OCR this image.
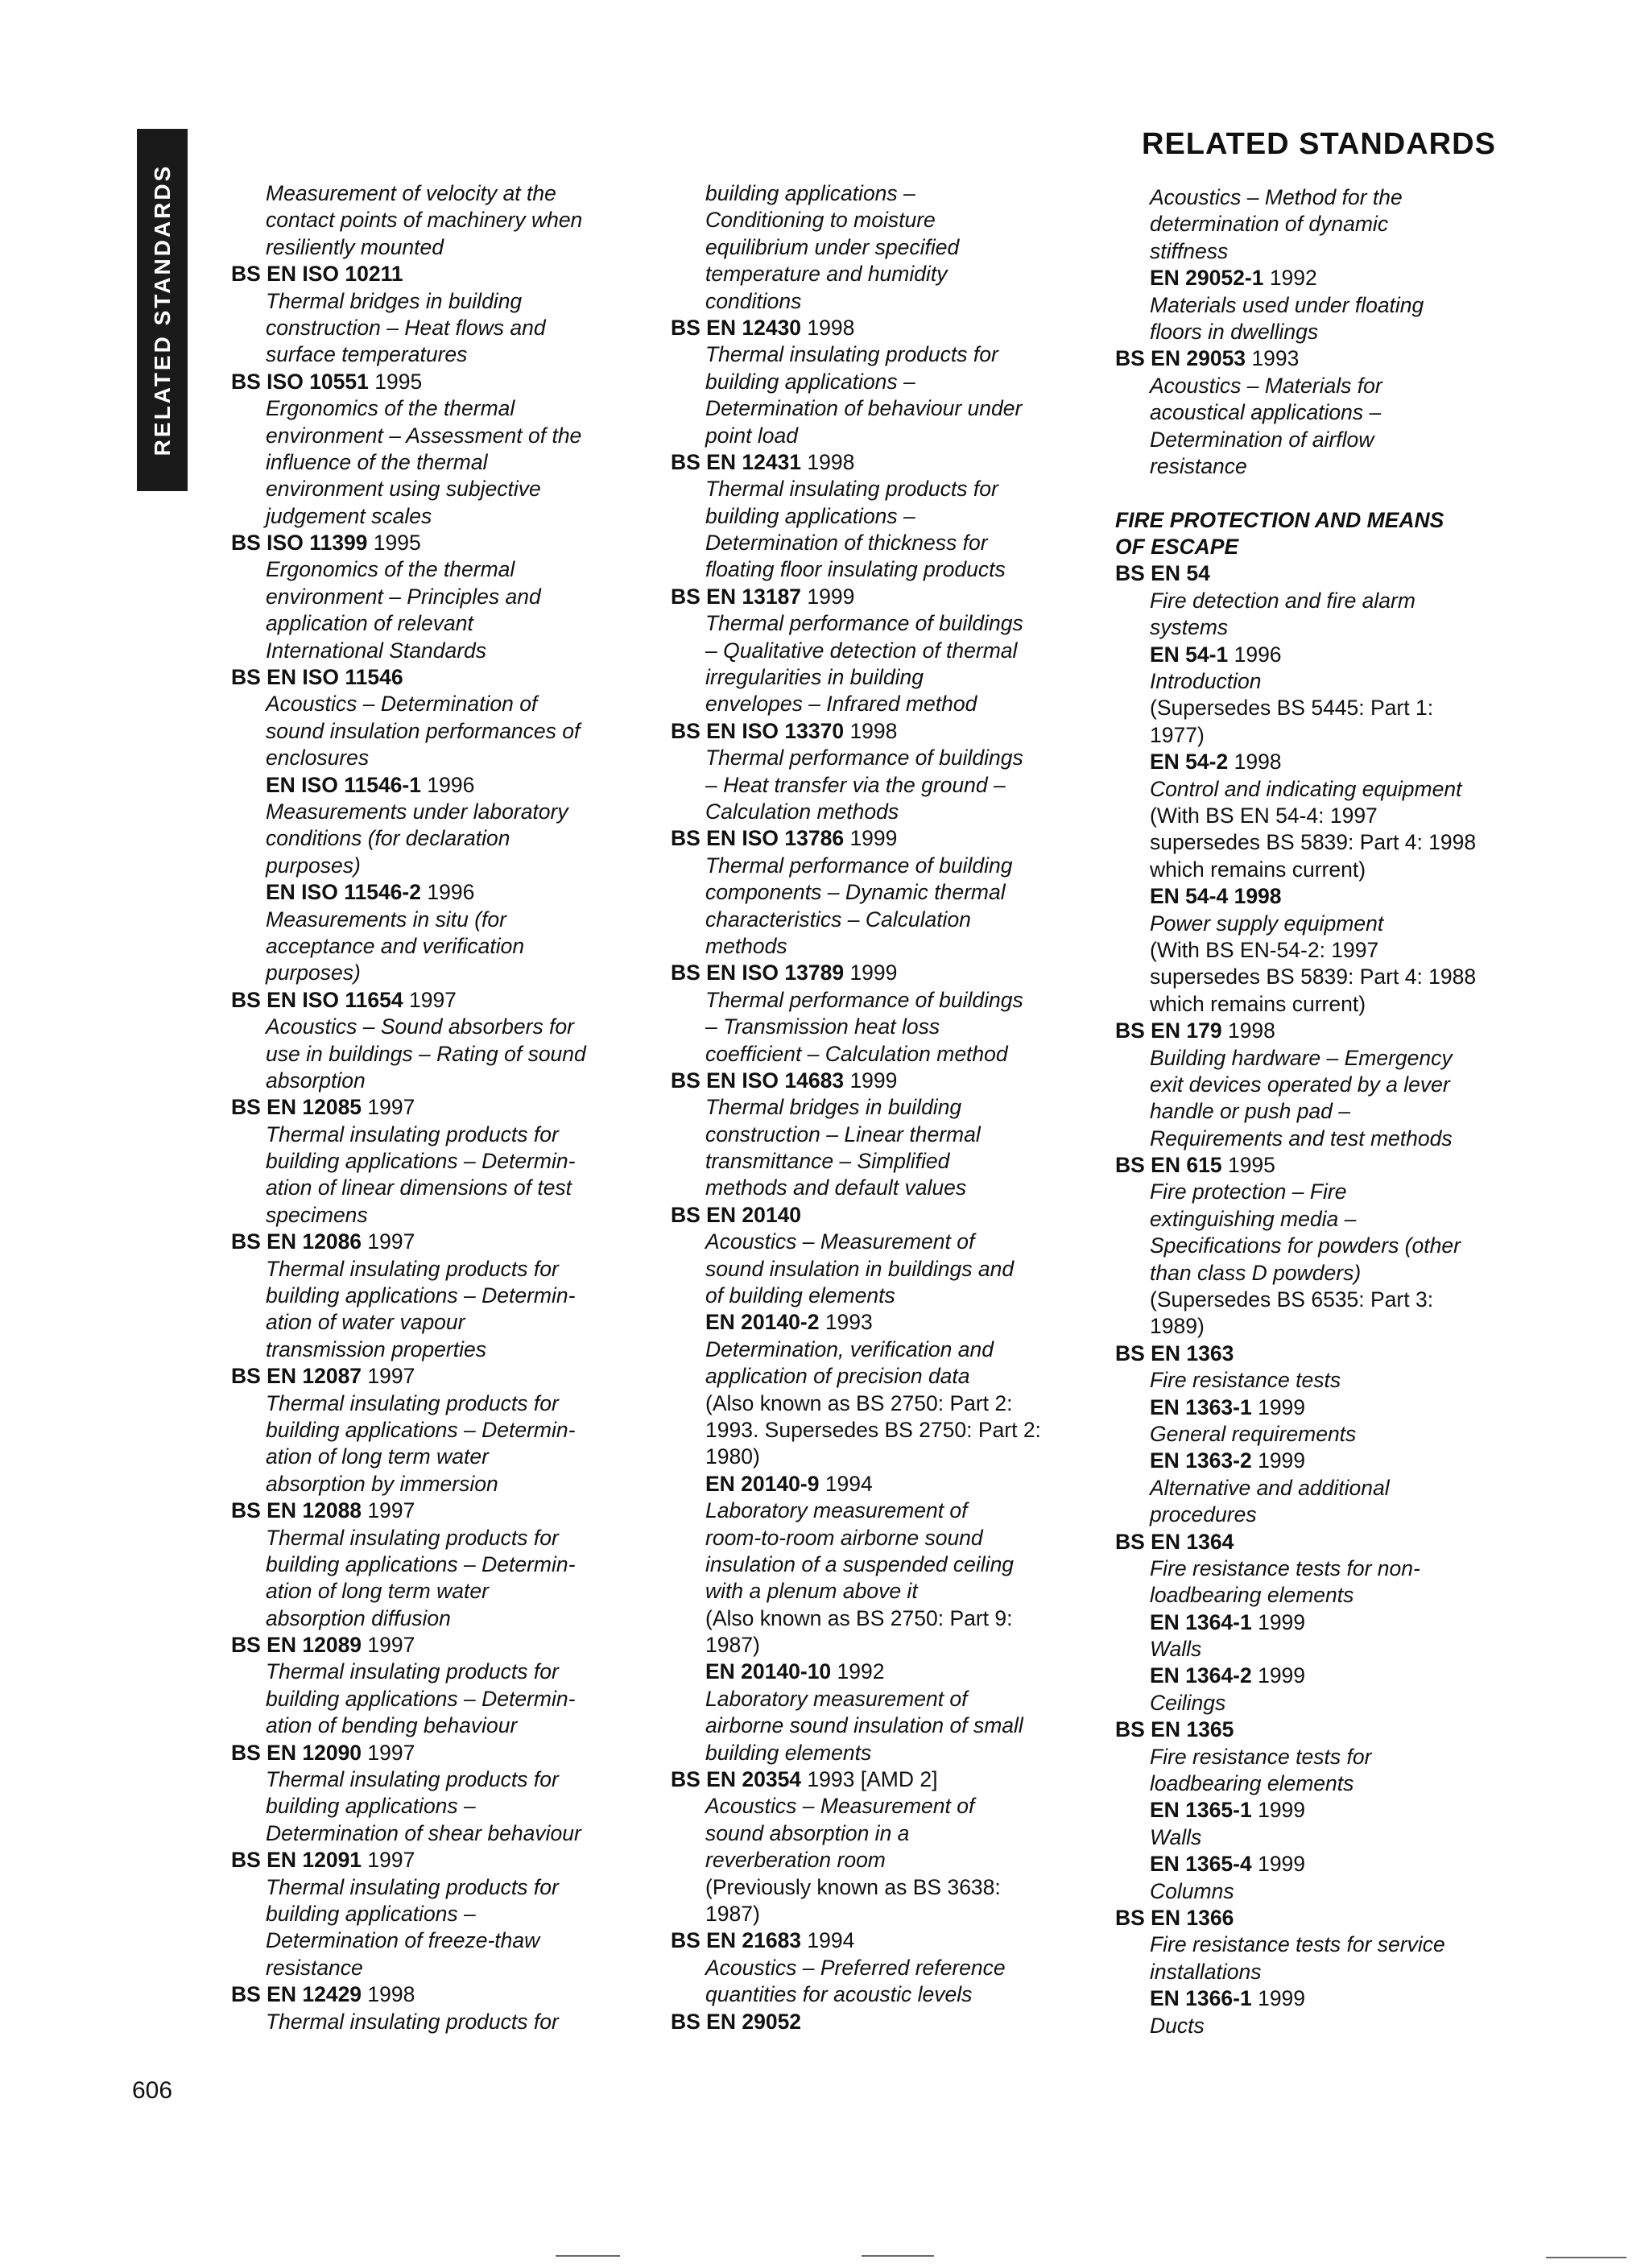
RELATED STANDARDS
RELATED STANDARDS
Measurement of velocity at the
contact points of machinery when
resiliently mounted
BS EN ISO 10211
Thermal bridges in building
construction – Heat flows and
surface temperatures
BS ISO 10551 1995
Ergonomics of the thermal
environment – Assessment of the
influence of the thermal
environment using subjective
judgement scales
BS ISO 11399 1995
Ergonomics of the thermal
environment – Principles and
application of relevant
International Standards
BS EN ISO 11546
Acoustics – Determination of
sound insulation performances of
enclosures
EN ISO 11546-1 1996
Measurements under laboratory
conditions (for declaration
purposes)
EN ISO 11546-2 1996
Measurements in situ (for
acceptance and verification
purposes)
BS EN ISO 11654 1997
Acoustics – Sound absorbers for
use in buildings – Rating of sound
absorption
BS EN 12085 1997
Thermal insulating products for
building applications – Determin-
ation of linear dimensions of test
specimens
BS EN 12086 1997
Thermal insulating products for
building applications – Determin-
ation of water vapour
transmission properties
BS EN 12087 1997
Thermal insulating products for
building applications – Determin-
ation of long term water
absorption by immersion
BS EN 12088 1997
Thermal insulating products for
building applications – Determin-
ation of long term water
absorption diffusion
BS EN 12089 1997
Thermal insulating products for
building applications – Determin-
ation of bending behaviour
BS EN 12090 1997
Thermal insulating products for
building applications –
Determination of shear behaviour
BS EN 12091 1997
Thermal insulating products for
building applications –
Determination of freeze-thaw
resistance
BS EN 12429 1998
Thermal insulating products for
building applications –
Conditioning to moisture
equilibrium under specified
temperature and humidity
conditions
BS EN 12430 1998
Thermal insulating products for
building applications –
Determination of behaviour under
point load
BS EN 12431 1998
Thermal insulating products for
building applications –
Determination of thickness for
floating floor insulating products
BS EN 13187 1999
Thermal performance of buildings
– Qualitative detection of thermal
irregularities in building
envelopes – Infrared method
BS EN ISO 13370 1998
Thermal performance of buildings
– Heat transfer via the ground –
Calculation methods
BS EN ISO 13786 1999
Thermal performance of building
components – Dynamic thermal
characteristics – Calculation
methods
BS EN ISO 13789 1999
Thermal performance of buildings
– Transmission heat loss
coefficient – Calculation method
BS EN ISO 14683 1999
Thermal bridges in building
construction – Linear thermal
transmittance – Simplified
methods and default values
BS EN 20140
Acoustics – Measurement of
sound insulation in buildings and
of building elements
EN 20140-2 1993
Determination, verification and
application of precision data
(Also known as BS 2750: Part 2:
1993. Supersedes BS 2750: Part 2:
1980)
EN 20140-9 1994
Laboratory measurement of
room-to-room airborne sound
insulation of a suspended ceiling
with a plenum above it
(Also known as BS 2750: Part 9:
1987)
EN 20140-10 1992
Laboratory measurement of
airborne sound insulation of small
building elements
BS EN 20354 1993 [AMD 2]
Acoustics – Measurement of
sound absorption in a
reverberation room
(Previously known as BS 3638:
1987)
BS EN 21683 1994
Acoustics – Preferred reference
quantities for acoustic levels
BS EN 29052
Acoustics – Method for the
determination of dynamic
stiffness
EN 29052-1 1992
Materials used under floating
floors in dwellings
BS EN 29053 1993
Acoustics – Materials for
acoustical applications –
Determination of airflow
resistance
FIRE PROTECTION AND MEANS
OF ESCAPE
BS EN 54
Fire detection and fire alarm
systems
EN 54-1 1996
Introduction
(Supersedes BS 5445: Part 1:
1977)
EN 54-2 1998
Control and indicating equipment
(With BS EN 54-4: 1997
supersedes BS 5839: Part 4: 1998
which remains current)
EN 54-4 1998
Power supply equipment
(With BS EN-54-2: 1997
supersedes BS 5839: Part 4: 1988
which remains current)
BS EN 179 1998
Building hardware – Emergency
exit devices operated by a lever
handle or push pad –
Requirements and test methods
BS EN 615 1995
Fire protection – Fire
extinguishing media –
Specifications for powders (other
than class D powders)
(Supersedes BS 6535: Part 3:
1989)
BS EN 1363
Fire resistance tests
EN 1363-1 1999
General requirements
EN 1363-2 1999
Alternative and additional
procedures
BS EN 1364
Fire resistance tests for non-
loadbearing elements
EN 1364-1 1999
Walls
EN 1364-2 1999
Ceilings
BS EN 1365
Fire resistance tests for
loadbearing elements
EN 1365-1 1999
Walls
EN 1365-4 1999
Columns
BS EN 1366
Fire resistance tests for service
installations
EN 1366-1 1999
Ducts
606
